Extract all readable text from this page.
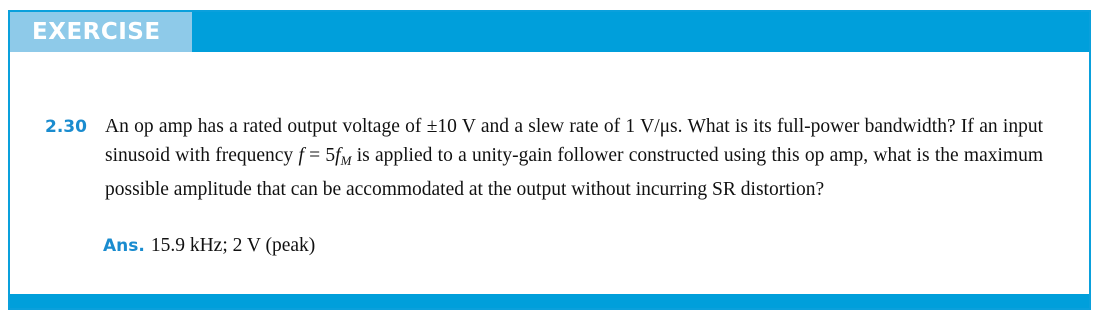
EXERCISE
2.30 An op amp has a rated output voltage of ±10 V and a slew rate of 1 V/μs. What is its full-power bandwidth? If an input sinusoid with frequency $f = 5f_M$ is applied to a unity-gain follower constructed using this op amp, what is the maximum possible amplitude that can be accommodated at the output without incurring SR distortion?
Ans. 15.9 kHz; 2 V (peak)
